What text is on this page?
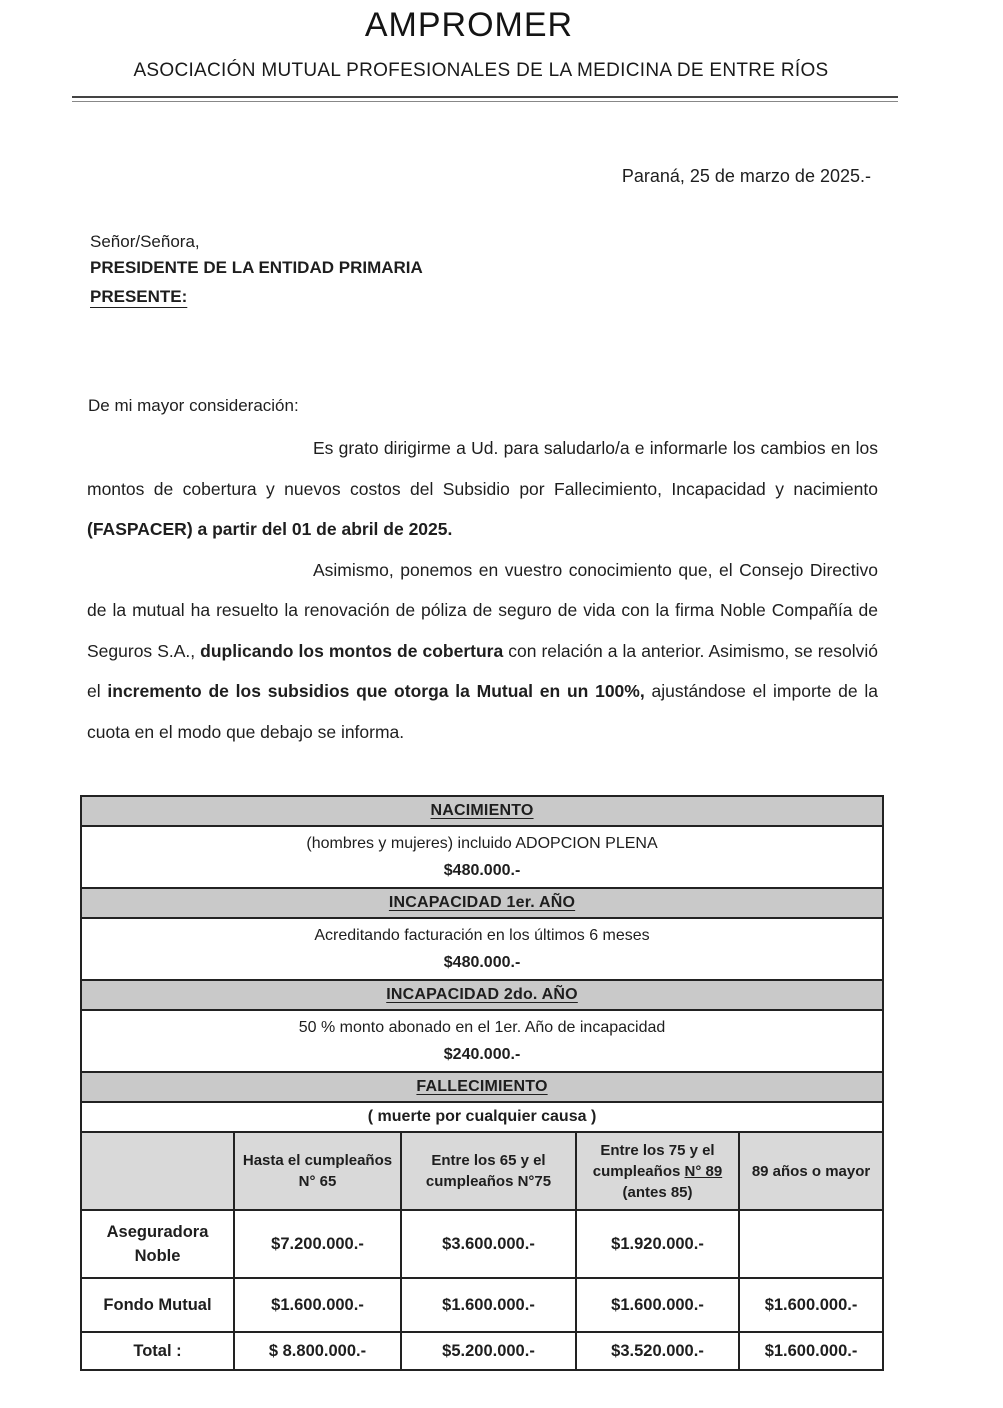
AMPROMER
ASOCIACIÓN MUTUAL PROFESIONALES DE LA MEDICINA DE ENTRE RÍOS
Paraná, 25 de marzo de 2025.-
Señor/Señora,
PRESIDENTE DE LA ENTIDAD PRIMARIA
PRESENTE:
De mi mayor consideración:

Es grato dirigirme a Ud. para saludarlo/a e informarle los cambios en los montos de cobertura y nuevos costos del Subsidio por Fallecimiento, Incapacidad y nacimiento (FASPACER) a partir del 01 de abril de 2025.

Asimismo, ponemos en vuestro conocimiento que, el Consejo Directivo de la mutual ha resuelto la renovación de póliza de seguro de vida con la firma Noble Compañía de Seguros S.A., duplicando los montos de cobertura con relación a la anterior. Asimismo, se resolvió el incremento de los subsidios que otorga la Mutual en un 100%, ajustándose el importe de la cuota en el modo que debajo se informa.

NACIMIENTO				

(hombres y mujeres) incluido ADOPCION PLENA
$480.000.-				

INCAPACIDAD 1er. AÑO				

Acreditando facturación en los últimos 6 meses
$480.000.-				

INCAPACIDAD 2do. AÑO				

50 % monto abonado en el 1er. Año de incapacidad
$240.000.-				

FALLECIMIENTO				
( muerte por cualquier causa )				
	Hasta el cumpleaños N° 65	Entre los 65 y el cumpleaños N°75	Entre los 75 y el cumpleaños N° 89 (antes 85)	89 años o mayor
Aseguradora Noble	$7.200.000.-	$3.600.000.-	$1.920.000.-	
Fondo Mutual	$1.600.000.-	$1.600.000.-	$1.600.000.-	$1.600.000.-
Total :	$ 8.800.000.-	$5.200.000.-	$3.520.000.-	$1.600.000.-
